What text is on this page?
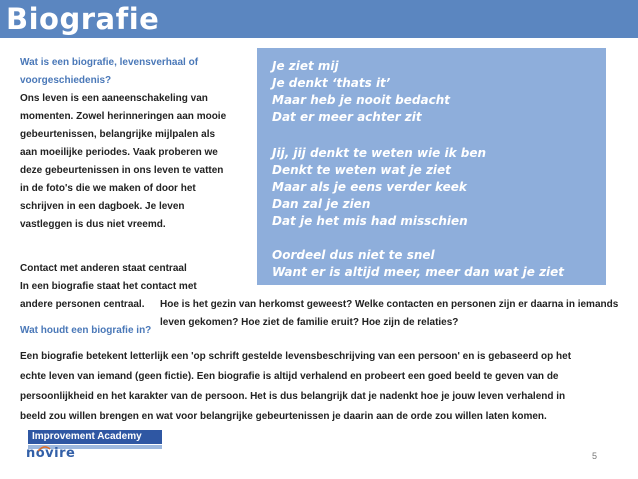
Biografie
Wat is een biografie, levensverhaal of
voorgeschiedenis?
Ons leven is een aaneenschakeling van
momenten. Zowel herinneringen aan mooie
gebeurtenissen, belangrijke mijlpalen als
aan moeilijke periodes. Vaak proberen we
deze gebeurtenissen in ons leven te vatten
in de foto's die we maken of door het
schrijven in een dagboek. Je leven
vastleggen is dus niet vreemd.
Contact met anderen staat centraal
In een biografie staat het contact met
andere personen centraal. Hoe is het gezin van herkomst geweest? Welke contacten en personen zijn er daarna in iemands
leven gekomen? Hoe ziet de familie eruit? Hoe zijn de relaties?
Wat houdt een biografie in?
Je ziet mij
Je denkt ‘thats it’
Maar heb je nooit bedacht
Dat er meer achter zit
Jij, jij denkt te weten wie ik ben
Denkt te weten wat je ziet
Maar als je eens verder keek
Dan zal je zien
Dat je het mis had misschien
Oordeel dus niet te snel
Want er is altijd meer, meer dan wat je ziet
Een biografie betekent letterlijk een 'op schrift gestelde levensbeschrijving van een persoon' en is gebaseerd op het
echte leven van iemand (geen fictie). Een biografie is altijd verhalend en probeert een goed beeld te geven van de
persoonlijkheid en het karakter van de persoon. Het is dus belangrijk dat je nadenkt hoe je jouw leven verhalend in
beeld zou willen brengen en wat voor belangrijke gebeurtenissen je daarin aan de orde zou willen laten komen.
Improvement Academy
novire	5
